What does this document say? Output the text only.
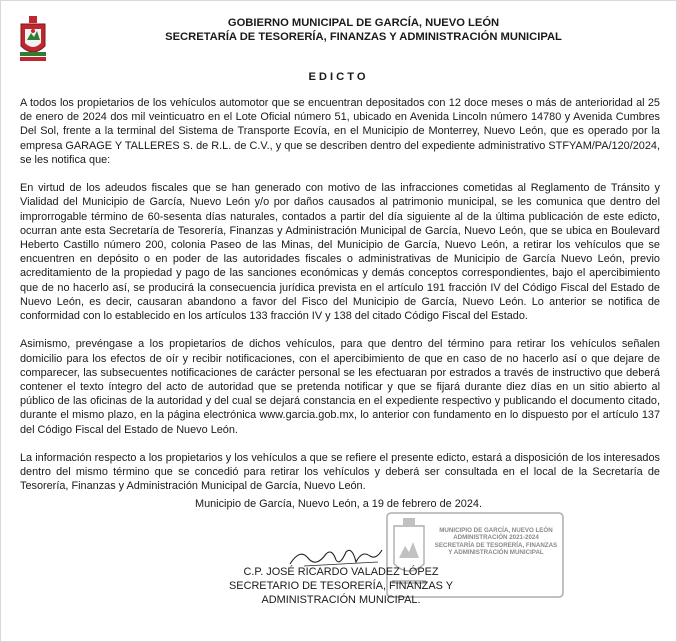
GOBIERNO MUNICIPAL DE GARCÍA, NUEVO LEÓN
SECRETARÍA DE TESORERÍA, FINANZAS Y ADMINISTRACIÓN MUNICIPAL
EDICTO

A todos los propietarios de los vehículos automotor que se encuentran depositados con 12 doce meses o más de anterioridad al 25 de enero de 2024 dos mil veinticuatro en el Lote Oficial número 51, ubicado en Avenida Lincoln número 14780 y Avenida Cumbres Del Sol, frente a la terminal del Sistema de Transporte Ecovía, en el Municipio de Monterrey, Nuevo León, que es operado por la empresa GARAGE Y TALLERES S. de R.L. de C.V., y que se describen dentro del expediente administrativo STFYAM/PA/120/2024, se les notifica que:

En virtud de los adeudos fiscales que se han generado con motivo de las infracciones cometidas al Reglamento de Tránsito y Vialidad del Municipio de García, Nuevo León y/o por daños causados al patrimonio municipal, se les comunica que dentro del improrrogable término de 60-sesenta días naturales, contados a partir del día siguiente al de la última publicación de este edicto, ocurran ante esta Secretaría de Tesorería, Finanzas y Administración Municipal de García, Nuevo León, que se ubica en Boulevard Heberto Castillo número 200, colonia Paseo de las Minas, del Municipio de García, Nuevo León, a retirar los vehículos que se encuentren en depósito o en poder de las autoridades fiscales o administrativas de Municipio de García Nuevo León, previo acreditamiento de la propiedad y pago de las sanciones económicas y demás conceptos correspondientes, bajo el apercibimiento que de no hacerlo así, se producirá la consecuencia jurídica prevista en el artículo 191 fracción IV del Código Fiscal del Estado de Nuevo León, es decir, causaran abandono a favor del Fisco del Municipio de García, Nuevo León. Lo anterior se notifica de conformidad con lo establecido en los artículos 133 fracción IV y 138 del citado Código Fiscal del Estado.

Asimismo, prevéngase a los propietarios de dichos vehículos, para que dentro del término para retirar los vehículos señalen domicilio para los efectos de oír y recibir notificaciones, con el apercibimiento de que en caso de no hacerlo así o que dejare de comparecer, las subsecuentes notificaciones de carácter personal se les efectuaran por estrados a través de instructivo que deberá contener el texto íntegro del acto de autoridad que se pretenda notificar y que se fijará durante diez días en un sitio abierto al público de las oficinas de la autoridad y del cual se dejará constancia en el expediente respectivo y publicando el documento citado, durante el mismo plazo, en la página electrónica www.garcia.gob.mx, lo anterior con fundamento en lo dispuesto por el artículo 137 del Código Fiscal del Estado de Nuevo León.

La información respecto a los propietarios y los vehículos a que se refiere el presente edicto, estará a disposición de los interesados dentro del mismo término que se concedió para retirar los vehículos y deberá ser consultada en el local de la Secretaría de Tesorería, Finanzas y Administración Municipal de García, Nuevo León.

Municipio de García, Nuevo León, a 19 de febrero de 2024.
MUNICIPIO DE GARCÍA, NUEVO LEÓN
ADMINISTRACIÓN 2021-2024
SECRETARÍA DE TESORERÍA, FINANZAS
Y ADMINISTRACIÓN MUNICIPAL
C.P. JOSÉ RICARDO VALADEZ LÓPEZ
SECRETARIO DE TESORERÍA, FINANZAS Y
ADMINISTRACIÓN MUNICIPAL.
